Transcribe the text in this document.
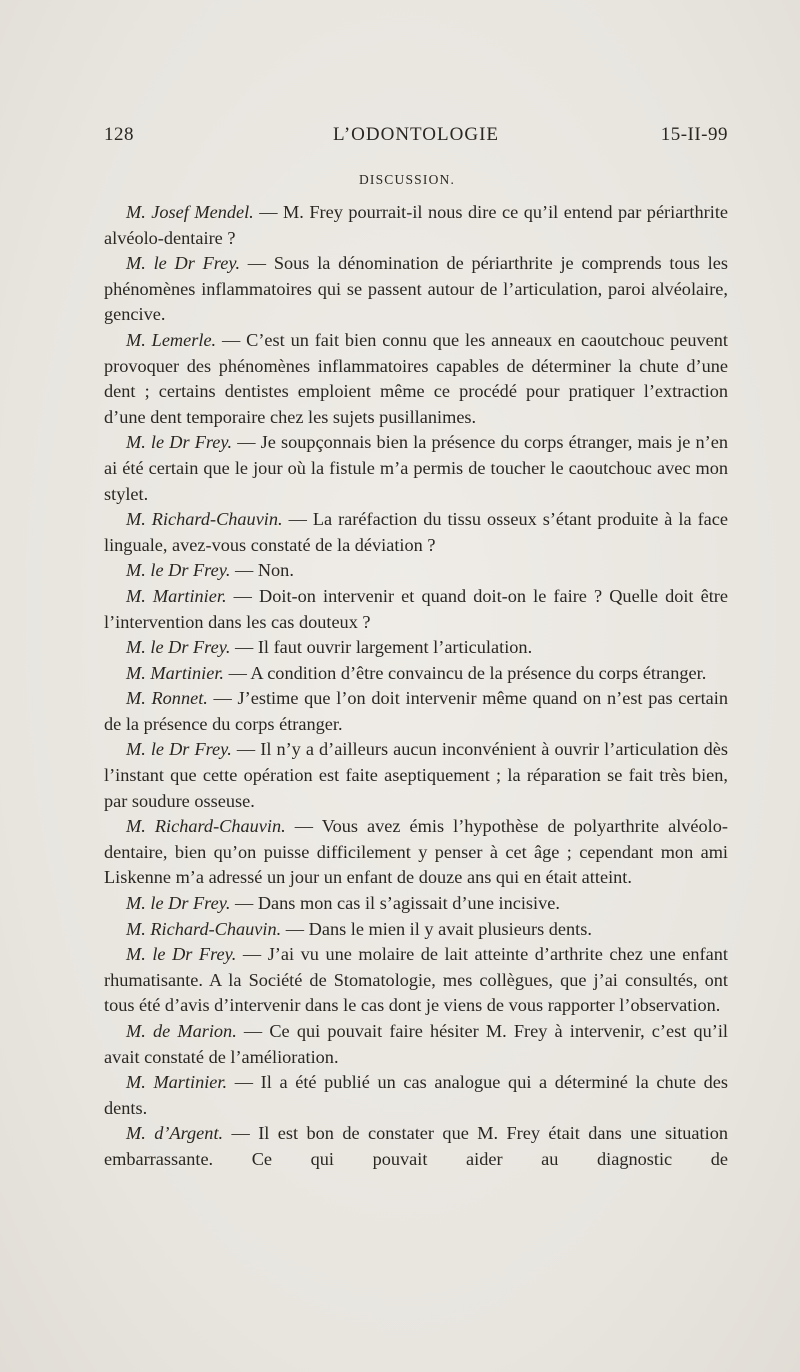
128	L’ODONTOLOGIE	15-II-99
DISCUSSION.

M. Josef Mendel. — M. Frey pourrait-il nous dire ce qu’il entend par périarthrite alvéolo-dentaire ?

M. le Dr Frey. — Sous la dénomination de périarthrite je comprends tous les phénomènes inflammatoires qui se passent autour de l’articulation, paroi alvéolaire, gencive.

M. Lemerle. — C’est un fait bien connu que les anneaux en caoutchouc peuvent provoquer des phénomènes inflammatoires capables de déterminer la chute d’une dent ; certains dentistes emploient même ce procédé pour pratiquer l’extraction d’une dent temporaire chez les sujets pusillanimes.

M. le Dr Frey. — Je soupçonnais bien la présence du corps étranger, mais je n’en ai été certain que le jour où la fistule m’a permis de toucher le caoutchouc avec mon stylet.

M. Richard-Chauvin. — La raréfaction du tissu osseux s’étant produite à la face linguale, avez-vous constaté de la déviation ?

M. le Dr Frey. — Non.

M. Martinier. — Doit-on intervenir et quand doit-on le faire ? Quelle doit être l’intervention dans les cas douteux ?

M. le Dr Frey. — Il faut ouvrir largement l’articulation.

M. Martinier. — A condition d’être convaincu de la présence du corps étranger.

M. Ronnet. — J’estime que l’on doit intervenir même quand on n’est pas certain de la présence du corps étranger.

M. le Dr Frey. — Il n’y a d’ailleurs aucun inconvénient à ouvrir l’articulation dès l’instant que cette opération est faite aseptiquement ; la réparation se fait très bien, par soudure osseuse.

M. Richard-Chauvin. — Vous avez émis l’hypothèse de polyarthrite alvéolo-dentaire, bien qu’on puisse difficilement y penser à cet âge ; cependant mon ami Liskenne m’a adressé un jour un enfant de douze ans qui en était atteint.

M. le Dr Frey. — Dans mon cas il s’agissait d’une incisive.

M. Richard-Chauvin. — Dans le mien il y avait plusieurs dents.

M. le Dr Frey. — J’ai vu une molaire de lait atteinte d’arthrite chez une enfant rhumatisante. A la Société de Stomatologie, mes collègues, que j’ai consultés, ont tous été d’avis d’intervenir dans le cas dont je viens de vous rapporter l’observation.

M. de Marion. — Ce qui pouvait faire hésiter M. Frey à intervenir, c’est qu’il avait constaté de l’amélioration.

M. Martinier. — Il a été publié un cas analogue qui a déterminé la chute des dents.

M. d’Argent. — Il est bon de constater que M. Frey était dans une situation embarrassante. Ce qui pouvait aider au diagnostic de
